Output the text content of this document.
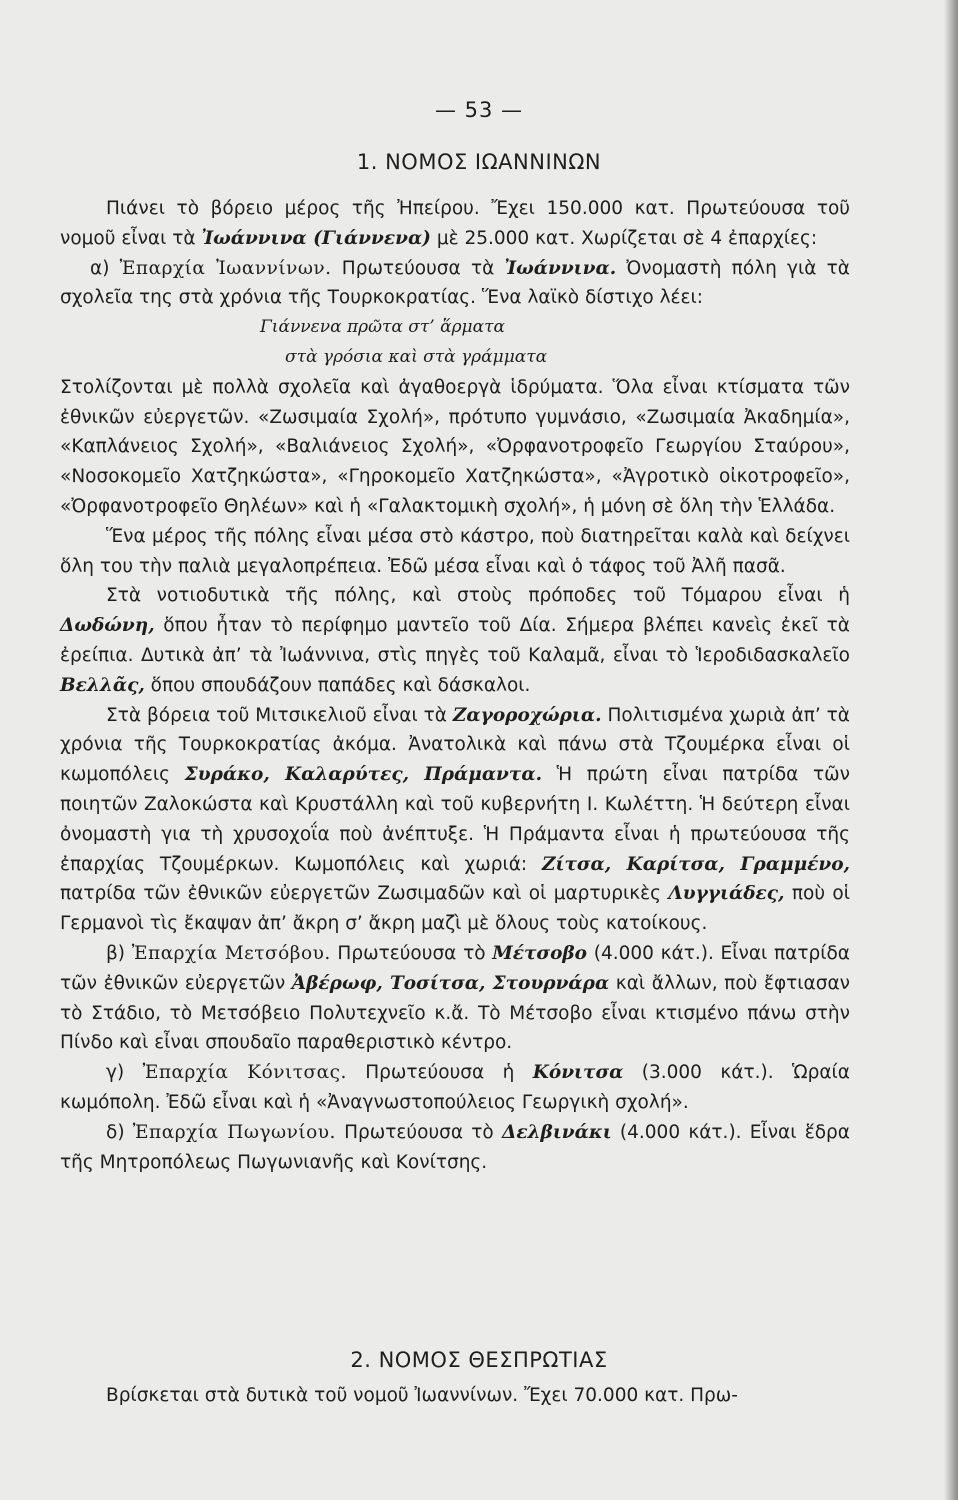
— 53 —
1. ΝΟΜΟΣ ΙΩΑΝΝΙΝΩΝ

Πιάνει τὸ βόρειο μέρος τῆς Ἠπείρου. Ἔχει 150.000 κατ. Πρωτεύουσα τοῦ νομοῦ εἶναι τὰ Ἰωάννινα (Γιάννενα) μὲ 25.000 κατ. Χωρίζεται σὲ 4 ἐπαρχίες:

α) Ἐπαρχία Ἰωαννίνων. Πρωτεύουσα τὰ Ἰωάννινα. Ὀνομαστὴ πόλη γιὰ τὰ σχολεῖα της στὰ χρόνια τῆς Τουρκοκρατίας. Ἕνα λαϊκὸ δίστιχο λέει:

Γιάννενα πρῶτα στ’ ἅρματα
στὰ γρόσια καὶ στὰ γράμματα

Στολίζονται μὲ πολλὰ σχολεῖα καὶ ἀγαθοεργὰ ἱδρύματα. Ὅλα εἶναι κτίσματα τῶν ἐθνικῶν εὐεργετῶν. «Ζωσιμαία Σχολή», πρότυπο γυμνάσιο, «Ζωσιμαία Ἀκαδημία», «Καπλάνειος Σχολή», «Βαλιάνειος Σχολή», «Ὀρφανοτροφεῖο Γεωργίου Σταύρου», «Νοσοκομεῖο Χατζηκώστα», «Γηροκομεῖο Χατζηκώστα», «Ἀγροτικὸ οἰκοτροφεῖο», «Ὀρφανοτροφεῖο Θηλέων» καὶ ἡ «Γαλακτομικὴ σχολή», ἡ μόνη σὲ ὅλη τὴν Ἑλλάδα.

Ἕνα μέρος τῆς πόλης εἶναι μέσα στὸ κάστρο, ποὺ διατηρεῖται καλὰ καὶ δείχνει ὅλη του τὴν παλιὰ μεγαλοπρέπεια. Ἐδῶ μέσα εἶναι καὶ ὁ τάφος τοῦ Ἀλῆ πασᾶ.

Στὰ νοτιοδυτικὰ τῆς πόλης, καὶ στοὺς πρόποδες τοῦ Τόμαρου εἶναι ἡ Δωδώνη, ὅπου ἦταν τὸ περίφημο μαντεῖο τοῦ Δία. Σήμερα βλέπει κανεὶς ἐκεῖ τὰ ἐρείπια. Δυτικὰ ἀπ’ τὰ Ἰωάννινα, στὶς πηγὲς τοῦ Καλαμᾶ, εἶναι τὸ Ἱεροδιδασκαλεῖο Βελλᾶς, ὅπου σπουδάζουν παπάδες καὶ δάσκαλοι.

Στὰ βόρεια τοῦ Μιτσικελιοῦ εἶναι τὰ Ζαγοροχώρια. Πολιτισμένα χωριὰ ἀπ’ τὰ χρόνια τῆς Τουρκοκρατίας ἀκόμα. Ἀνατολικὰ καὶ πάνω στὰ Τζουμέρκα εἶναι οἱ κωμοπόλεις Συράκο, Καλαρύτες, Πράμαντα. Ἡ πρώτη εἶναι πατρίδα τῶν ποιητῶν Ζαλοκώστα καὶ Κρυστάλλη καὶ τοῦ κυβερνήτη Ι. Κωλέττη. Ἡ δεύτερη εἶναι ὀνομαστὴ για τὴ χρυσοχοΐα ποὺ ἀνέπτυξε. Ἡ Πράμαντα εἶναι ἡ πρωτεύουσα τῆς ἐπαρχίας Τζουμέρκων. Κωμοπόλεις καὶ χωριά: Ζίτσα, Καρίτσα, Γραμμένο, πατρίδα τῶν ἐθνικῶν εὐεργετῶν Ζωσιμαδῶν καὶ οἱ μαρτυρικὲς Λυγγιάδες, ποὺ οἱ Γερμανοὶ τὶς ἔκαψαν ἀπ’ ἄκρη σ’ ἄκρη μαζὶ μὲ ὅλους τοὺς κατοίκους.

β) Ἐπαρχία Μετσόβου. Πρωτεύουσα τὸ Μέτσοβο (4.000 κάτ.). Εἶναι πατρίδα τῶν ἐθνικῶν εὐεργετῶν Ἀβέρωφ, Τοσίτσα, Στουρνάρα καὶ ἄλλων, ποὺ ἔφτιασαν τὸ Στάδιο, τὸ Μετσόβειο Πολυτεχνεῖο κ.ἄ. Τὸ Μέτσοβο εἶναι κτισμένο πάνω στὴν Πίνδο καὶ εἶναι σπουδαῖο παραθεριστικὸ κέντρο.

γ) Ἐπαρχία Κόνιτσας. Πρωτεύουσα ἡ Κόνιτσα (3.000 κάτ.). Ὡραία κωμόπολη. Ἐδῶ εἶναι καὶ ἡ «Ἀναγνωστοπούλειος Γεωργικὴ σχολή».

δ) Ἐπαρχία Πωγωνίου. Πρωτεύουσα τὸ Δελβινάκι (4.000 κάτ.). Εἶναι ἕδρα τῆς Μητροπόλεως Πωγωνιανῆς καὶ Κονίτσης.

2. ΝΟΜΟΣ ΘΕΣΠΡΩΤΙΑΣ

Βρίσκεται στὰ δυτικὰ τοῦ νομοῦ Ἰωαννίνων. Ἔχει 70.000 κατ. Πρω-
